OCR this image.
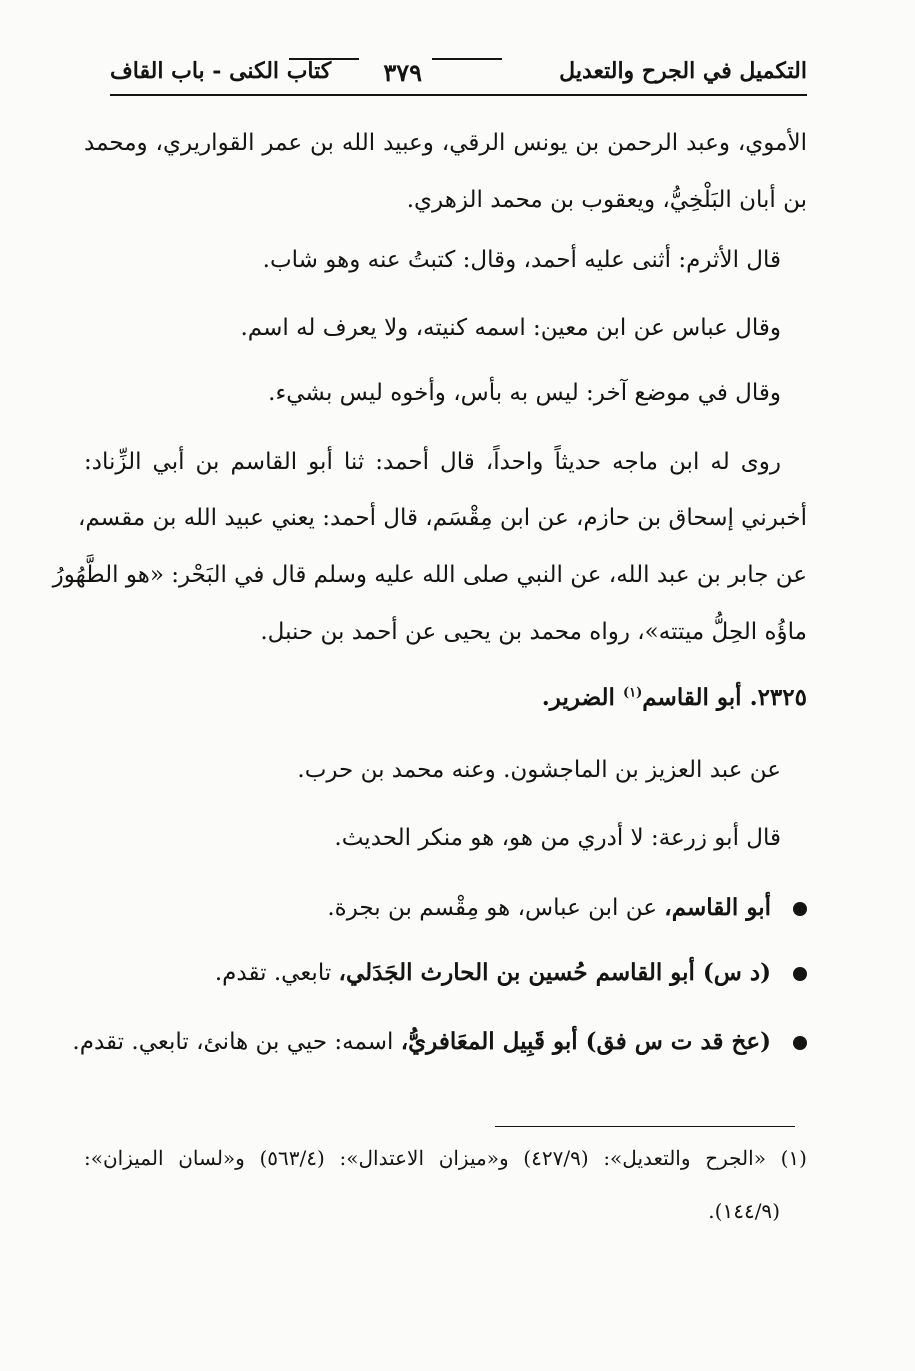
التكميل في الجرح والتعديل
٣٧٩
كتاب الكنى - باب القاف
الأموي، وعبد الرحمن بن يونس الرقي، وعبيد الله بن عمر القواريري، ومحمد
بن أبان البَلْخِيُّ، ويعقوب بن محمد الزهري.
قال الأثرم: أثنى عليه أحمد، وقال: كتبتُ عنه وهو شاب.
وقال عباس عن ابن معين: اسمه كنيته، ولا يعرف له اسم.
وقال في موضع آخر: ليس به بأس، وأخوه ليس بشيء.
روى له ابن ماجه حديثاً واحداً، قال أحمد: ثنا أبو القاسم بن أبي الزِّناد:
أخبرني إسحاق بن حازم، عن ابن مِقْسَم، قال أحمد: يعني عبيد الله بن مقسم،
عن جابر بن عبد الله، عن النبي صلى الله عليه وسلم قال في البَحْر: «هو الطَّهُورُ
ماؤُه الحِلُّ ميتته»، رواه محمد بن يحيى عن أحمد بن حنبل.
٢٣٢٥. أبو القاسم$^{(١)}$ الضرير.
عن عبد العزيز بن الماجشون. وعنه محمد بن حرب.
قال أبو زرعة: لا أدري من هو، هو منكر الحديث.
أبو القاسم، عن ابن عباس، هو مِقْسم بن بجرة.
(د س) أبو القاسم حُسين بن الحارث الجَدَلي، تابعي. تقدم.
(عخ قد ت س فق) أبو قَبِيل المعَافريُّ، اسمه: حيي بن هانئ، تابعي. تقدم.
(١) «الجرح والتعديل»: (٤٢٧/٩) و«ميزان الاعتدال»: (٥٦٣/٤) و«لسان الميزان»:
(١٤٤/٩).
